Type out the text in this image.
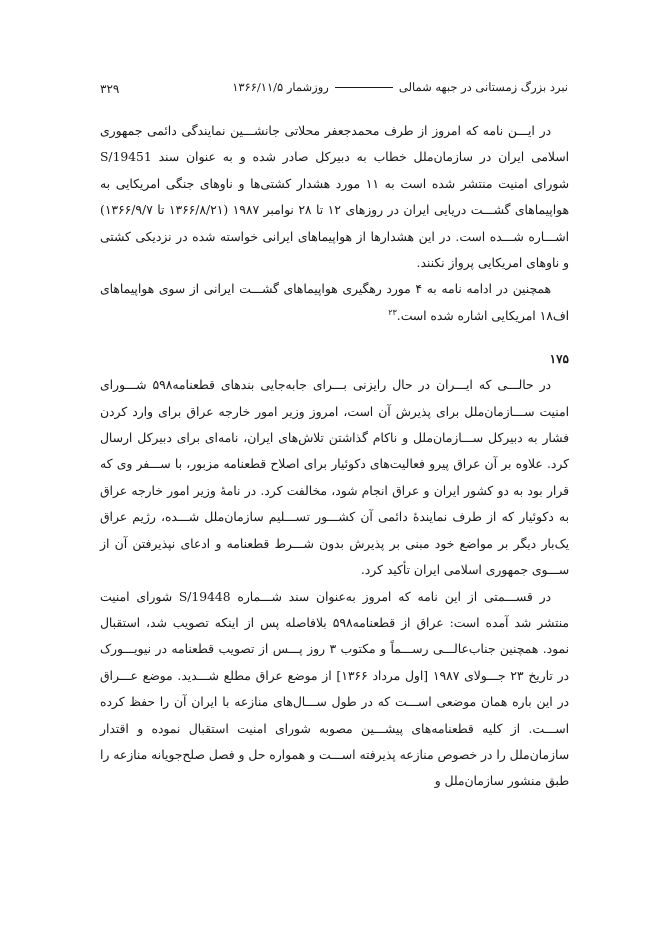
۳۲۹	نبرد بزرگ زمستانی در جبهه شمالی
روزشمار ۱۳۶۶/۱۱/۵

در ایـــن نامه که امروز از طرف محمدجعفر محلاتی جانشـــین نمایندگی دائمی جمهوری اسلامی ایران در سازمان‌ملل خطاب به دبیرکل صادر شده و به عنوان سند S/19451 شورای امنیت منتشر شده است به ۱۱ مورد هشدار کشتی‌ها و ناوهای جنگی امریکایی به هواپیماهای گشـــت دریایی ایران در روزهای ۱۲ تا ۲۸ نوامبر ۱۹۸۷ (۱۳۶۶/۸/۲۱ تا ۱۳۶۶/۹/۷) اشـــاره شـــده است. در این هشدارها از هواپیماهای ایرانی خواسته شده در نزدیکی کشتی و ناوهای امریکایی پرواز نکنند.

همچنین در ادامه نامه به ۴ مورد رهگیری هواپیماهای گشـــت ایرانی از سوی هواپیماهای اف۱۸ امریکایی اشاره شده است.$^{۲۳}$

۱۷۵

در حالـــی که ایـــران در حال رایزنی بـــرای جابه‌جایی بندهای قطعنامه۵۹۸ شـــورای امنیت ســـازمان‌ملل برای پذیرش آن است، امروز وزیر امور خارجه عراق برای وارد کردن فشار به دبیرکل ســـازمان‌ملل و ناکام گذاشتن تلاش‌های ایران، نامه‌ای برای دبیرکل ارسال کرد. علاوه بر آن عراق پیرو فعالیت‌های دکوئیار برای اصلاح قطعنامه مزبور، با ســـفر وی که قرار بود به دو کشور ایران و عراق انجام شود، مخالفت کرد. در نامهٔ وزیر امور خارجه عراق به دکوئیار که از طرف نمایندهٔ دائمی آن کشـــور تســـلیم سازمان‌ملل شـــده، رژیم عراق یک‌بار دیگر بر مواضع خود مبنی بر پذیرش بدون شـــرط قطعنامه و ادعای نپذیرفتن آن از ســـوی جمهوری اسلامی ایران تأکید کرد.

در قســـمتی از این نامه که امروز به‌عنوان سند شـــماره S/19448 شورای امنیت منتشر شد آمده است: عراق از قطعنامه۵۹۸ بلافاصله پس از اینکه تصویب شد، استقبال نمود. همچنین جناب‌عالـــی رســـماً و مکتوب ۳ روز پـــس از تصویب قطعنامه در نیویـــورک در تاریخ ۲۳ جـــولای ۱۹۸۷ [اول مرداد ۱۳۶۶] از موضع عراق مطلع شـــدید. موضع عـــراق در این باره همان موضعی اســـت که در طول ســـال‌های منازعه با ایران آن را حفظ کرده اســـت. از کلیه قطعنامه‌های پیشـــین مصوبه شورای امنیت استقبال نموده و اقتدار سازمان‌ملل را در خصوص منازعه پذیرفته اســـت و همواره حل و فصل صلح‌جویانه منازعه را طبق منشور سازمان‌ملل و
